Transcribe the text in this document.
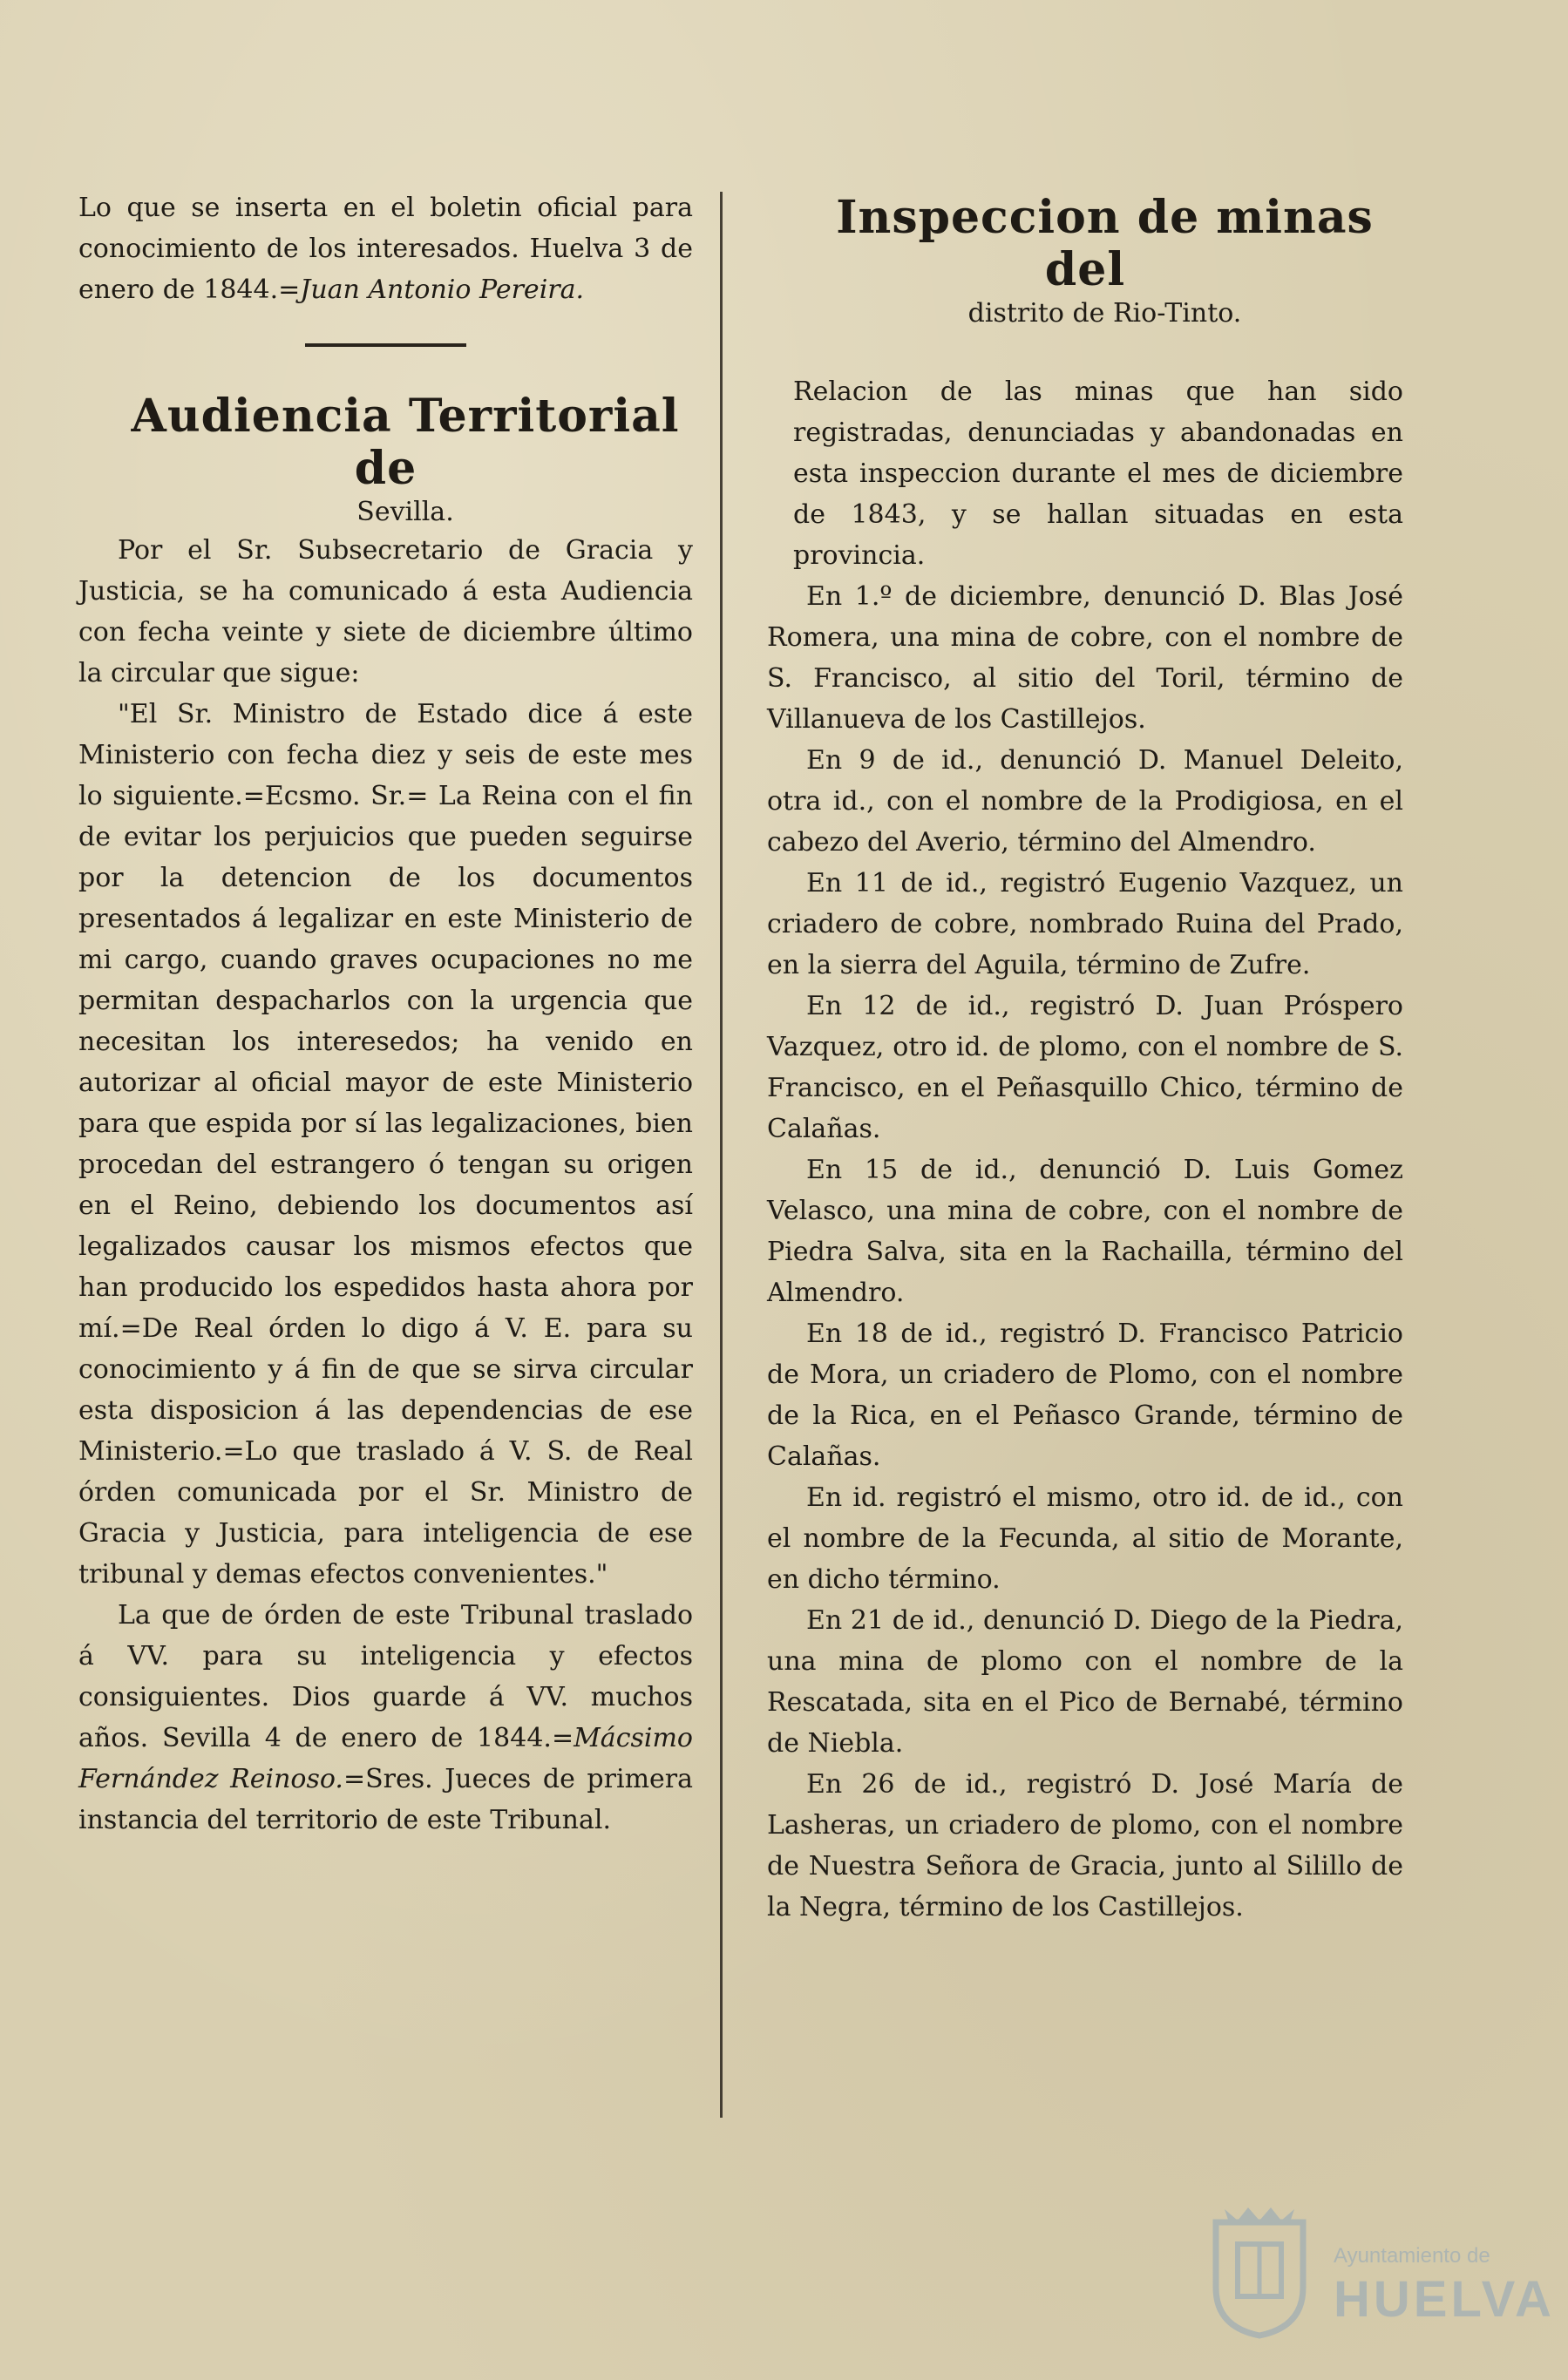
Lo que se inserta en el boletin oficial para conocimiento de los interesados. Huelva 3 de enero de 1844.=Juan Antonio Pereira.

Audiencia Territorial de

Sevilla.

Por el Sr. Subsecretario de Gracia y Justicia, se ha comunicado á esta Audiencia con fecha veinte y siete de diciembre último la circular que sigue:

"El Sr. Ministro de Estado dice á este Ministerio con fecha diez y seis de este mes lo siguiente.=Ecsmo. Sr.= La Reina con el fin de evitar los perjuicios que pueden seguirse por la detencion de los documentos presentados á legalizar en este Ministerio de mi cargo, cuando graves ocupaciones no me permitan despacharlos con la urgencia que necesitan los interesedos; ha venido en autorizar al oficial mayor de este Ministerio para que espida por sí las legalizaciones, bien procedan del estrangero ó tengan su origen en el Reino, debiendo los documentos así legalizados causar los mismos efectos que han producido los espedidos hasta ahora por mí.=De Real órden lo digo á V. E. para su conocimiento y á fin de que se sirva circular esta disposicion á las dependencias de ese Ministerio.=Lo que traslado á V. S. de Real órden comunicada por el Sr. Ministro de Gracia y Justicia, para inteligencia de ese tribunal y demas efectos convenientes."

La que de órden de este Tribunal traslado á VV. para su inteligencia y efectos consiguientes. Dios guarde á VV. muchos años. Sevilla 4 de enero de 1844.=Mácsimo Fernández Reinoso.=Sres. Jueces de primera instancia del territorio de este Tribunal.

Inspeccion de minas del

distrito de Rio-Tinto.

Relacion de las minas que han sido registradas, denunciadas y abandonadas en esta inspeccion durante el mes de diciembre de 1843, y se hallan situadas en esta provincia.

En 1.º de diciembre, denunció D. Blas José Romera, una mina de cobre, con el nombre de S. Francisco, al sitio del Toril, término de Villanueva de los Castillejos.

En 9 de id., denunció D. Manuel Deleito, otra id., con el nombre de la Prodigiosa, en el cabezo del Averio, término del Almendro.

En 11 de id., registró Eugenio Vazquez, un criadero de cobre, nombrado Ruina del Prado, en la sierra del Aguila, término de Zufre.

En 12 de id., registró D. Juan Próspero Vazquez, otro id. de plomo, con el nombre de S. Francisco, en el Peñasquillo Chico, término de Calañas.

En 15 de id., denunció D. Luis Gomez Velasco, una mina de cobre, con el nombre de Piedra Salva, sita en la Rachailla, término del Almendro.

En 18 de id., registró D. Francisco Patricio de Mora, un criadero de Plomo, con el nombre de la Rica, en el Peñasco Grande, término de Calañas.

En id. registró el mismo, otro id. de id., con el nombre de la Fecunda, al sitio de Morante, en dicho término.

En 21 de id., denunció D. Diego de la Piedra, una mina de plomo con el nombre de la Rescatada, sita en el Pico de Bernabé, término de Niebla.

En 26 de id., registró D. José María de Lasheras, un criadero de plomo, con el nombre de Nuestra Señora de Gracia, junto al Silillo de la Negra, término de los Castillejos.

Ayuntamiento de
HUELVA
